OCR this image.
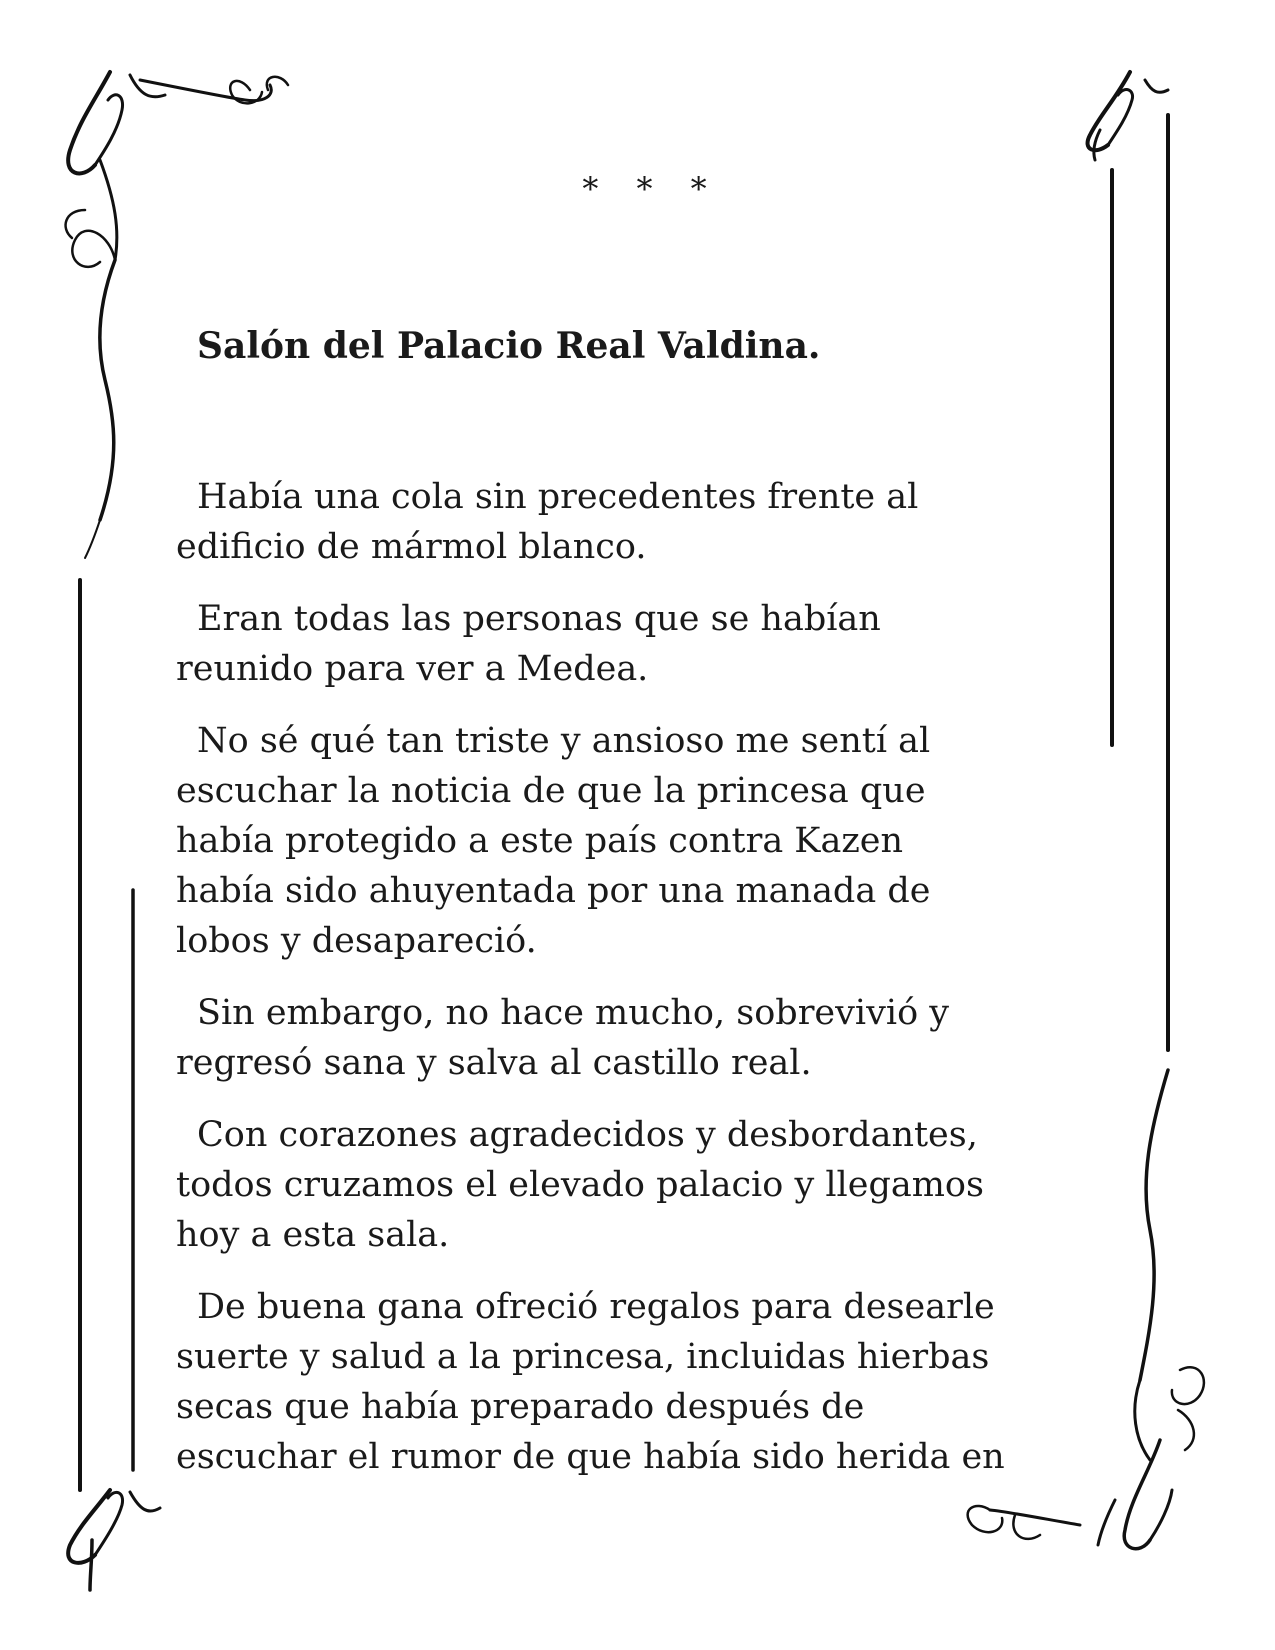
* * *
Salón del Palacio Real Valdina.

Había una cola sin precedentes frente al
edificio de mármol blanco.

Eran todas las personas que se habían
reunido para ver a Medea.

No sé qué tan triste y ansioso me sentí al
escuchar la noticia de que la princesa que
había protegido a este país contra Kazen
había sido ahuyentada por una manada de
lobos y desapareció.

Sin embargo, no hace mucho, sobrevivió y
regresó sana y salva al castillo real.

Con corazones agradecidos y desbordantes,
todos cruzamos el elevado palacio y llegamos
hoy a esta sala.

De buena gana ofreció regalos para desearle
suerte y salud a la princesa, incluidas hierbas
secas que había preparado después de
escuchar el rumor de que había sido herida en
